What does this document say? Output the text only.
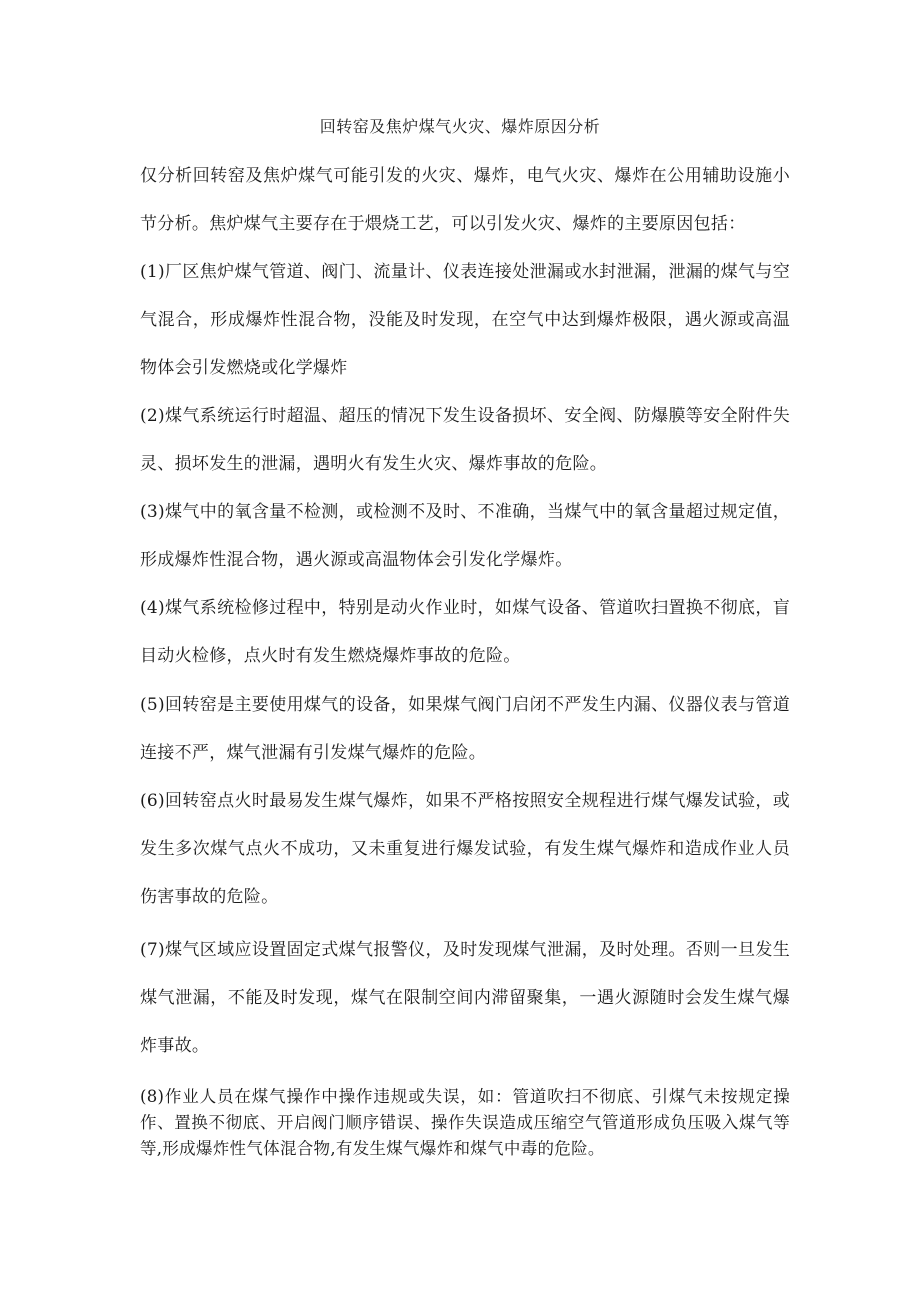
回转窑及焦炉煤气火灾、爆炸原因分析

仅分析回转窑及焦炉煤气可能引发的火灾、爆炸，电气火灾、爆炸在公用辅助设施小节分析。焦炉煤气主要存在于煨烧工艺，可以引发火灾、爆炸的主要原因包括：

(1)厂区焦炉煤气管道、阀门、流量计、仪表连接处泄漏或水封泄漏，泄漏的煤气与空气混合，形成爆炸性混合物，没能及时发现，在空气中达到爆炸极限，遇火源或高温物体会引发燃烧或化学爆炸

(2)煤气系统运行时超温、超压的情况下发生设备损坏、安全阀、防爆膜等安全附件失灵、损坏发生的泄漏，遇明火有发生火灾、爆炸事故的危险。

(3)煤气中的氧含量不检测，或检测不及时、不准确，当煤气中的氧含量超过规定值，形成爆炸性混合物，遇火源或高温物体会引发化学爆炸。

(4)煤气系统检修过程中，特别是动火作业时，如煤气设备、管道吹扫置换不彻底，盲目动火检修，点火时有发生燃烧爆炸事故的危险。

(5)回转窑是主要使用煤气的设备，如果煤气阀门启闭不严发生内漏、仪器仪表与管道连接不严，煤气泄漏有引发煤气爆炸的危险。

(6)回转窑点火时最易发生煤气爆炸，如果不严格按照安全规程进行煤气爆发试验，或发生多次煤气点火不成功，又未重复进行爆发试验，有发生煤气爆炸和造成作业人员伤害事故的危险。

(7)煤气区域应设置固定式煤气报警仪，及时发现煤气泄漏，及时处理。否则一旦发生煤气泄漏，不能及时发现，煤气在限制空间内滞留聚集，一遇火源随时会发生煤气爆炸事故。

(8)作业人员在煤气操作中操作违规或失误，如：管道吹扫不彻底、引煤气未按规定操作、置换不彻底、开启阀门顺序错误、操作失误造成压缩空气管道形成负压吸入煤气等等,形成爆炸性气体混合物,有发生煤气爆炸和煤气中毒的危险。
